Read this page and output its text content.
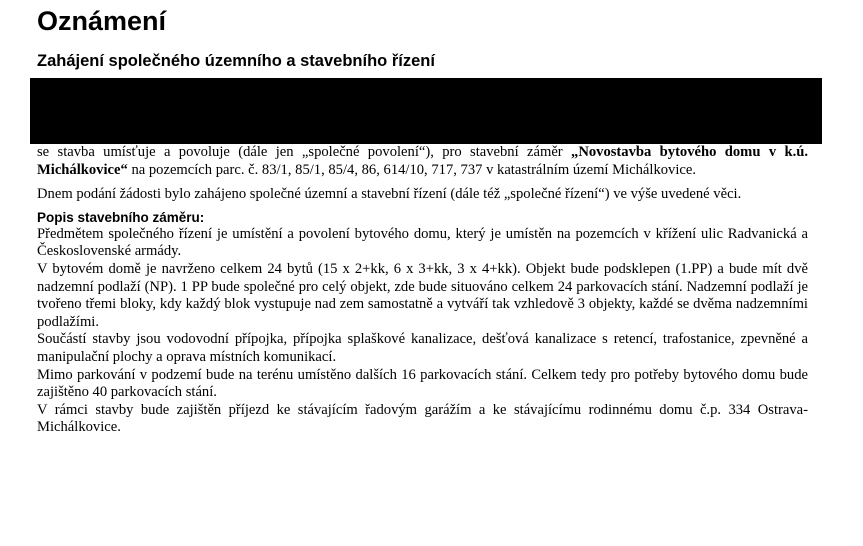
Oznámení
Zahájení společného územního a stavebního řízení

se stavba umísťuje a povoluje (dále jen „společné povolení“), pro stavební záměr „Novostavba bytového domu v k.ú. Michálkovice“ na pozemcích parc. č. 83/1, 85/1, 85/4, 86, 614/10, 717, 737 v katastrálním území Michálkovice.

Dnem podání žádosti bylo zahájeno společné územní a stavební řízení (dále též „společné řízení“) ve výše uvedené věci.

Popis stavebního záměru:

Předmětem společného řízení je umístění a povolení bytového domu, který je umístěn na pozemcích v křížení ulic Radvanická a Československé armády.

V bytovém domě je navrženo celkem 24 bytů (15 x 2+kk, 6 x 3+kk, 3 x 4+kk). Objekt bude podsklepen (1.PP) a bude mít dvě nadzemní podlaží (NP). 1 PP bude společné pro celý objekt, zde bude situováno celkem 24 parkovacích stání. Nadzemní podlaží je tvořeno třemi bloky, kdy každý blok vystupuje nad zem samostatně a vytváří tak vzhledově 3 objekty, každé se dvěma nadzemními podlažími.

Součástí stavby jsou vodovodní přípojka, přípojka splaškové kanalizace, dešťová kanalizace s retencí, trafostanice, zpevněné a manipulační plochy a oprava místních komunikací.

Mimo parkování v podzemí bude na terénu umístěno dalších 16 parkovacích stání. Celkem tedy pro potřeby bytového domu bude zajištěno 40 parkovacích stání.

V rámci stavby bude zajištěn příjezd ke stávajícím řadovým garážím a ke stávajícímu rodinnému domu č.p. 334 Ostrava-Michálkovice.
